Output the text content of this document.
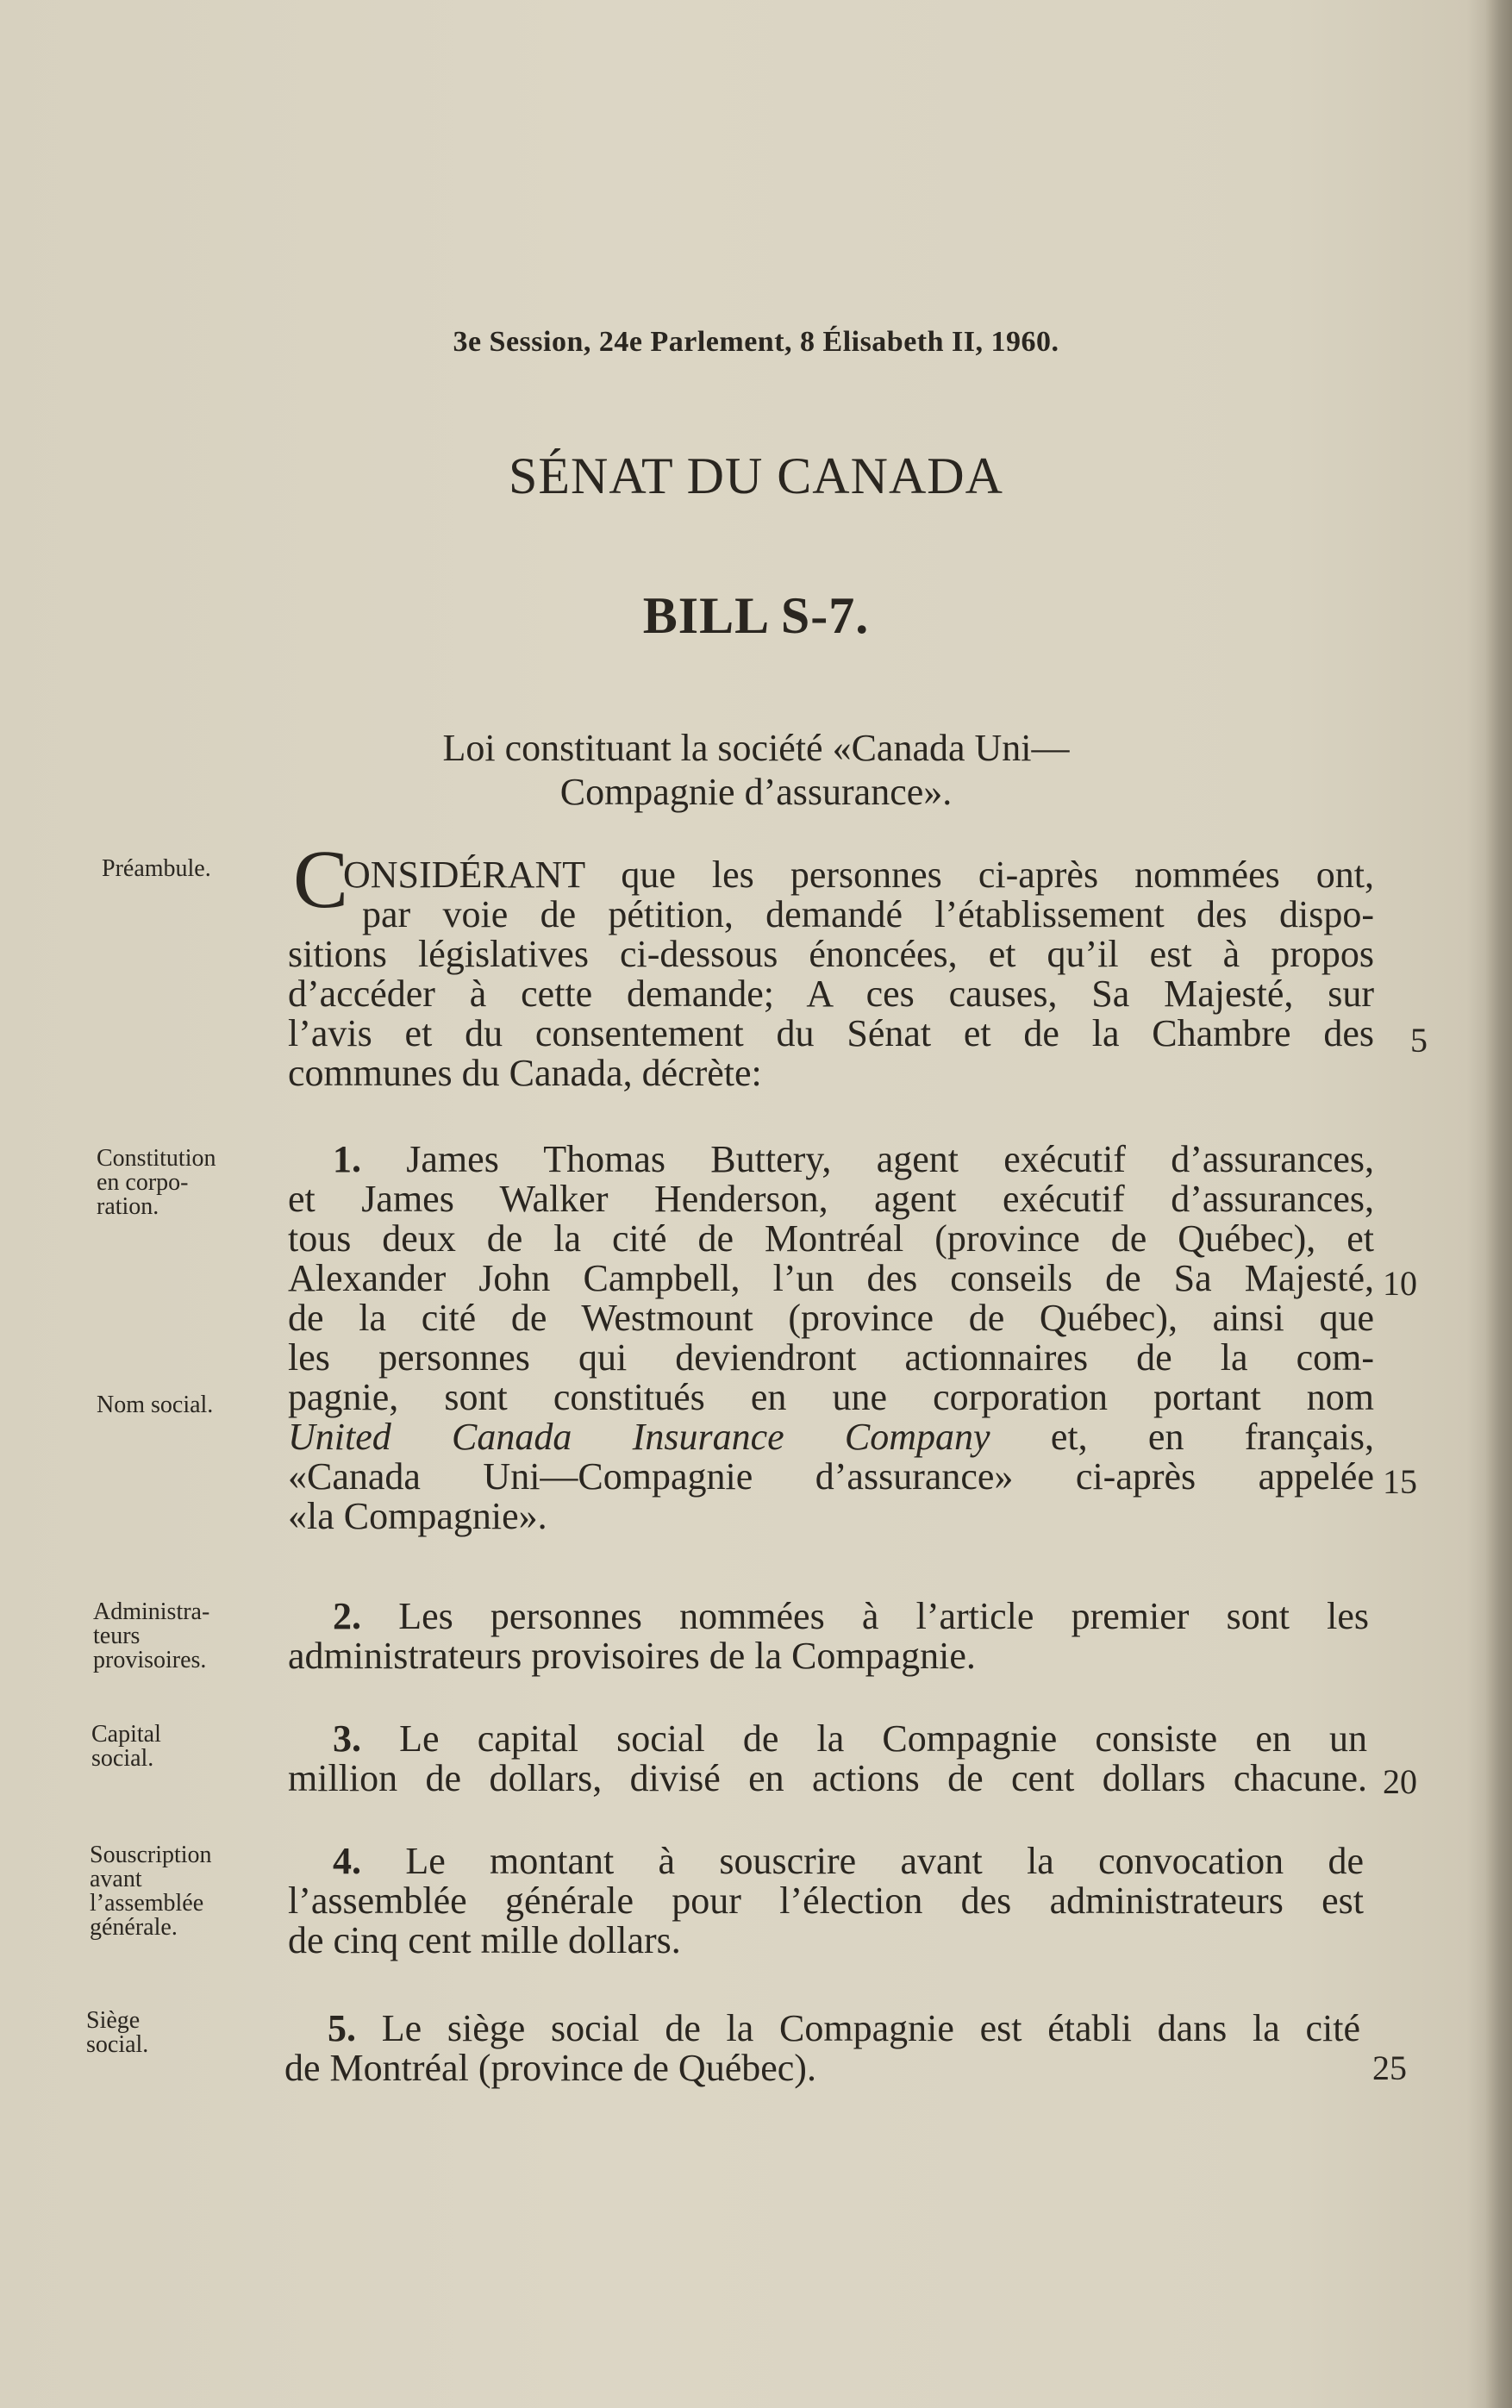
3e Session, 24e Parlement, 8 Élisabeth II, 1960.
SÉNAT DU CANADA
BILL S-7.
Loi constituant la société «Canada Uni—
Compagnie d’assurance».
Préambule.
Constitution
en corpo-
ration.
Nom social.
Administra-
teurs
provisoires.
Capital
social.
Souscription
avant
l’assemblée
générale.
Siège
social.
C
ONSIDÉRANT que les personnes ci-après nommées ont,
par voie de pétition, demandé l’établissement des dispo-
sitions législatives ci-dessous énoncées, et qu’il est à propos
d’accéder à cette demande; A ces causes, Sa Majesté, sur
l’avis et du consentement du Sénat et de la Chambre des
communes du Canada, décrète:
5
1. James Thomas Buttery, agent exécutif d’assurances,
et James Walker Henderson, agent exécutif d’assurances,
tous deux de la cité de Montréal (province de Québec), et
Alexander John Campbell, l’un des conseils de Sa Majesté, 10
de la cité de Westmount (province de Québec), ainsi que
les personnes qui deviendront actionnaires de la com-
pagnie, sont constitués en une corporation portant nom
United Canada Insurance Company et, en français,
«Canada Uni—Compagnie d’assurance» ci-après appelée 15
«la Compagnie».
2. Les personnes nommées à l’article premier sont les
administrateurs provisoires de la Compagnie.
3. Le capital social de la Compagnie consiste en un
million de dollars, divisé en actions de cent dollars chacune. 20
4. Le montant à souscrire avant la convocation de
l’assemblée générale pour l’élection des administrateurs est
de cinq cent mille dollars.
5. Le siège social de la Compagnie est établi dans la cité
de Montréal (province de Québec).	25
